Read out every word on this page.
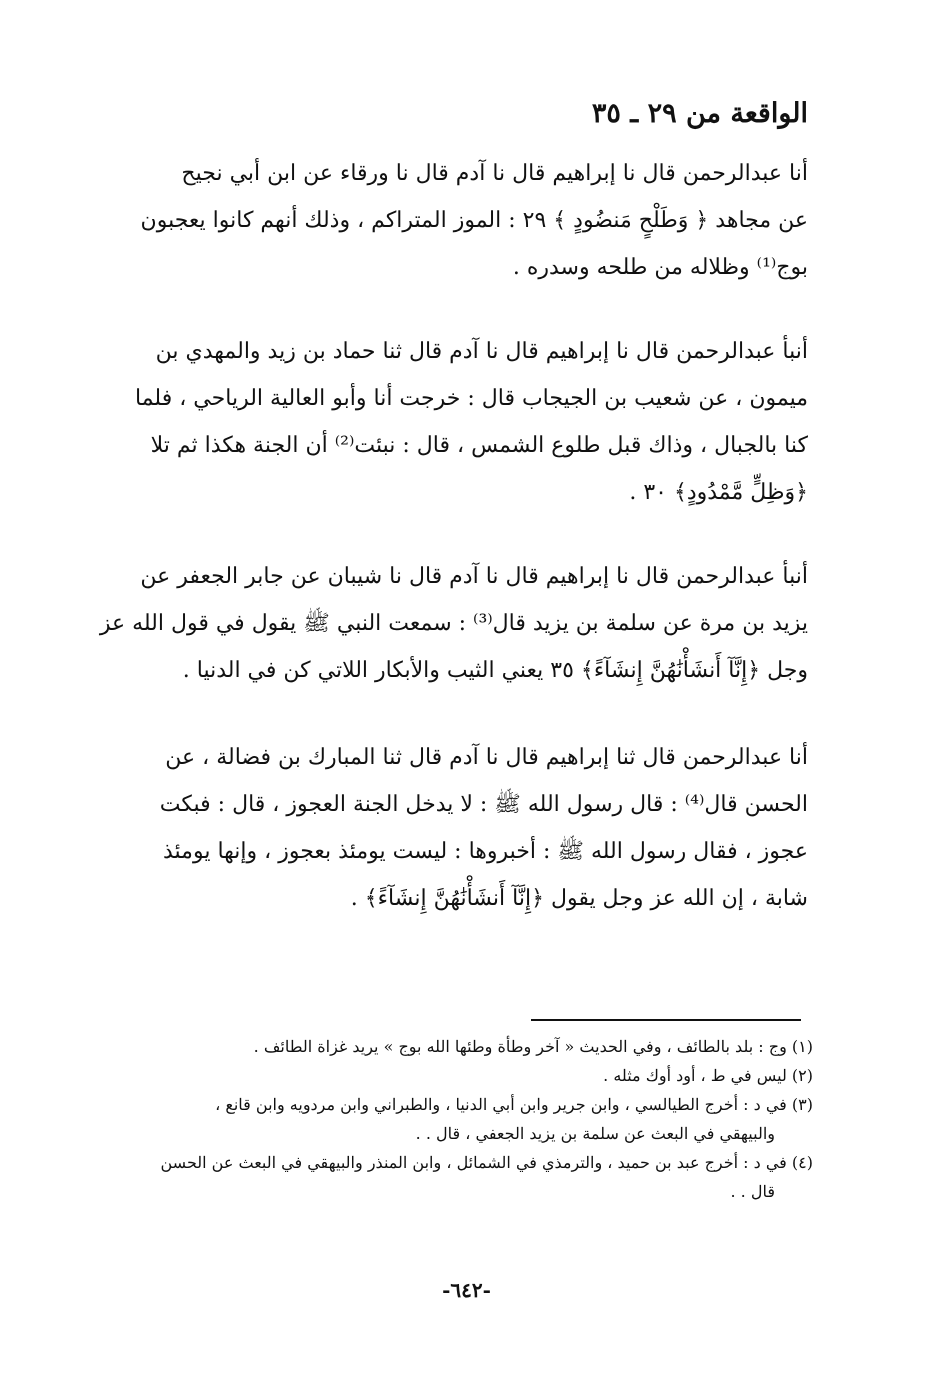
الواقعة من ٢٩ ـ ٣٥
أنا عبدالرحمن قال نا إبراهيم قال نا آدم قال نا ورقاء عن ابن أبي نجيح
عن مجاهد ﴿ وَطَلْحٍ مَنضُودٍ ﴾ ٢٩ : الموز المتراكم ، وذلك أنهم كانوا يعجبون
بوج⁽¹⁾ وظلاله من طلحه وسدره .
أنبأ عبدالرحمن قال نا إبراهيم قال نا آدم قال ثنا حماد بن زيد والمهدي بن
ميمون ، عن شعيب بن الجيجاب قال : خرجت أنا وأبو العالية الرياحي ، فلما
كنا بالجبال ، وذاك قبل طلوع الشمس ، قال : نبئت⁽²⁾ أن الجنة هكذا ثم تلا
﴿وَظِلٍّ مَّمْدُودٍ﴾ ٣٠ .
أنبأ عبدالرحمن قال نا إبراهيم قال نا آدم قال نا شيبان عن جابر الجعفر عن
يزيد بن مرة عن سلمة بن يزيد قال⁽³⁾ : سمعت النبي ﷺ يقول في قول الله عز
وجل ﴿إِنَّآ أَنشَأْنَٰهُنَّ إِنشَآءً﴾ ٣٥ يعني الثيب والأبكار اللاتي كن في الدنيا .
أنا عبدالرحمن قال ثنا إبراهيم قال نا آدم قال ثنا المبارك بن فضالة ، عن
الحسن قال⁽⁴⁾ : قال رسول الله ﷺ : لا يدخل الجنة العجوز ، قال : فبكت
عجوز ، فقال رسول الله ﷺ : أخبروها : ليست يومئذ بعجوز ، وإنها يومئذ
شابة ، إن الله عز وجل يقول ﴿إِنَّآ أَنشَأْنَٰهُنَّ إِنشَآءً﴾ .
(١) وج : بلد بالطائف ، وفي الحديث « آخر وطأة وطئها الله بوج » يريد غزاة الطائف .
(٢) ليس في ط ، أود أوك مثله .
(٣) في د : أخرج الطيالسي ، وابن جرير وابن أبي الدنيا ، والطبراني وابن مردويه وابن قانع ،
والبيهقي في البعث عن سلمة بن يزيد الجعفي ، قال . .
(٤) في د : أخرج عبد بن حميد ، والترمذي في الشمائل ، وابن المنذر والبيهقي في البعث عن الحسن
قال . .
-٦٤٢-
